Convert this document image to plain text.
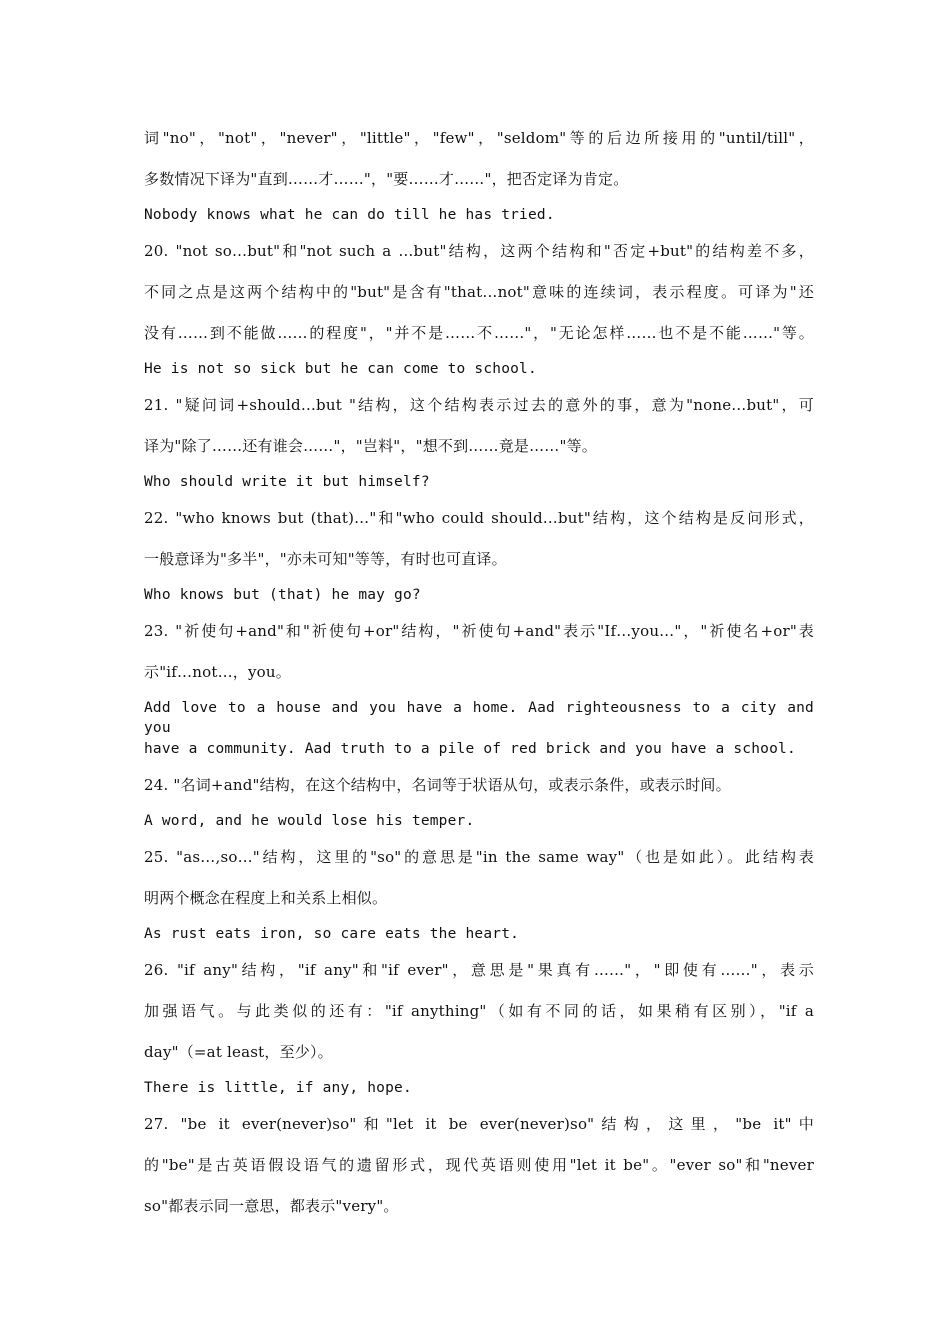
词"no"，"not"，"never"，"little"，"few"，"seldom"等的后边所接用的"until/till"，
多数情况下译为"直到……才……"，"要……才……"，把否定译为肯定。
Nobody knows what he can do till he has tried.
20. "not so…but"和"not such a …but"结构，这两个结构和"否定+but"的结构差不多，
不同之点是这两个结构中的"but"是含有"that…not"意味的连续词，表示程度。可译为"还
没有……到不能做……的程度"，"并不是……不……"，"无论怎样……也不是不能……"等。
He is not so sick but he can come to school.
21. "疑问词+should…but "结构，这个结构表示过去的意外的事，意为"none…but"，可
译为"除了……还有谁会……"，"岂料"，"想不到……竟是……"等。
Who should write it but himself?
22. "who knows but (that)…"和"who could should…but"结构，这个结构是反问形式，
一般意译为"多半"，"亦未可知"等等，有时也可直译。
Who knows but (that) he may go?
23. "祈使句+and"和"祈使句+or"结构，"祈使句+and"表示"If…you…"，"祈使名+or"表
示"if…not…，you。
Add love to a house and you have a home. Aad righteousness to a city and you
have a community. Aad truth to a pile of red brick and you have a school.
24. "名词+and"结构，在这个结构中，名词等于状语从句，或表示条件，或表示时间。
A word, and he would lose his temper.
25. "as…,so…"结构，这里的"so"的意思是"in the same way"（也是如此）。此结构表
明两个概念在程度上和关系上相似。
As rust eats iron, so care eats the heart.
26. "if any"结构，"if any"和"if ever"，意思是"果真有……"，"即使有……"，表示
加强语气。与此类似的还有："if anything"（如有不同的话，如果稍有区别），"if a
day"（=at least，至少）。
There is little, if any, hope.
27. "be it ever(never)so"和"let it be ever(never)so"结构，这里，"be it"中
的"be"是古英语假设语气的遗留形式，现代英语则使用"let it be"。"ever so"和"never
so"都表示同一意思，都表示"very"。
